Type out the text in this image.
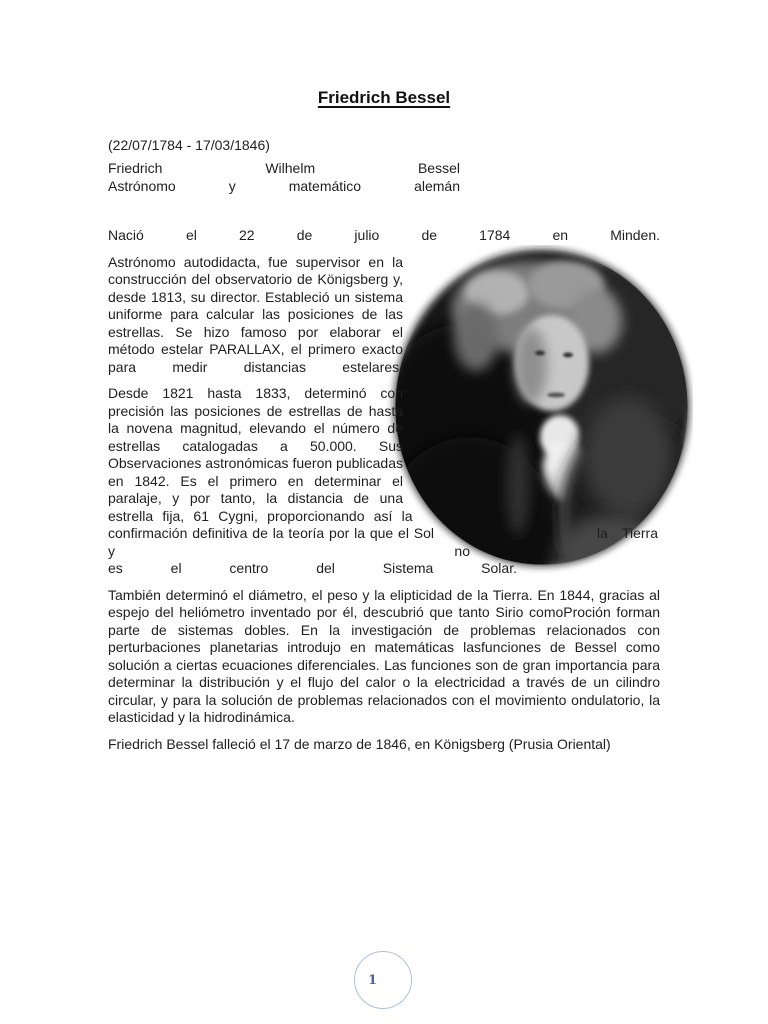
Friedrich Bessel

(22/07/1784 - 17/03/1846)

Friedrich Wilhelm Bessel
Astrónomo y matemático alemán

Nació el 22 de julio de 1784 en Minden.

Astrónomo autodidacta, fue supervisor en la construcción del observatorio de Königsberg y, desde 1813, su director. Estableció un sistema uniforme para calcular las posiciones de las estrellas. Se hizo famoso por elaborar el método estelar PARALLAX, el primero exacto para medir distancias estelares.

Desde 1821 hasta 1833, determinó con precisión las posiciones de estrellas de hasta la novena magnitud, elevando el número de estrellas catalogadas a 50.000. Sus Observaciones astronómicas fueron publicadas en 1842. Es el primero en determinar el paralaje, y por tanto, la distancia de una estrella fija, 61 Cygni, proporcionando así la confirmación definitiva de la teoría por la que el Sol y no

la Tierra
es el centro del Sistema Solar.

También determinó el diámetro, el peso y la elipticidad de la Tierra. En 1844, gracias al espejo del heliómetro inventado por él, descubrió que tanto Sirio comoProción forman parte de sistemas dobles. En la investigación de problemas relacionados con perturbaciones planetarias introdujo en matemáticas lasfunciones de Bessel como solución a ciertas ecuaciones diferenciales. Las funciones son de gran importancia para determinar la distribución y el flujo del calor o la electricidad a través de un cilindro circular, y para la solución de problemas relacionados con el movimiento ondulatorio, la elasticidad y la hidrodinámica.

Friedrich Bessel falleció el 17 de marzo de 1846, en Königsberg (Prusia Oriental)

1
